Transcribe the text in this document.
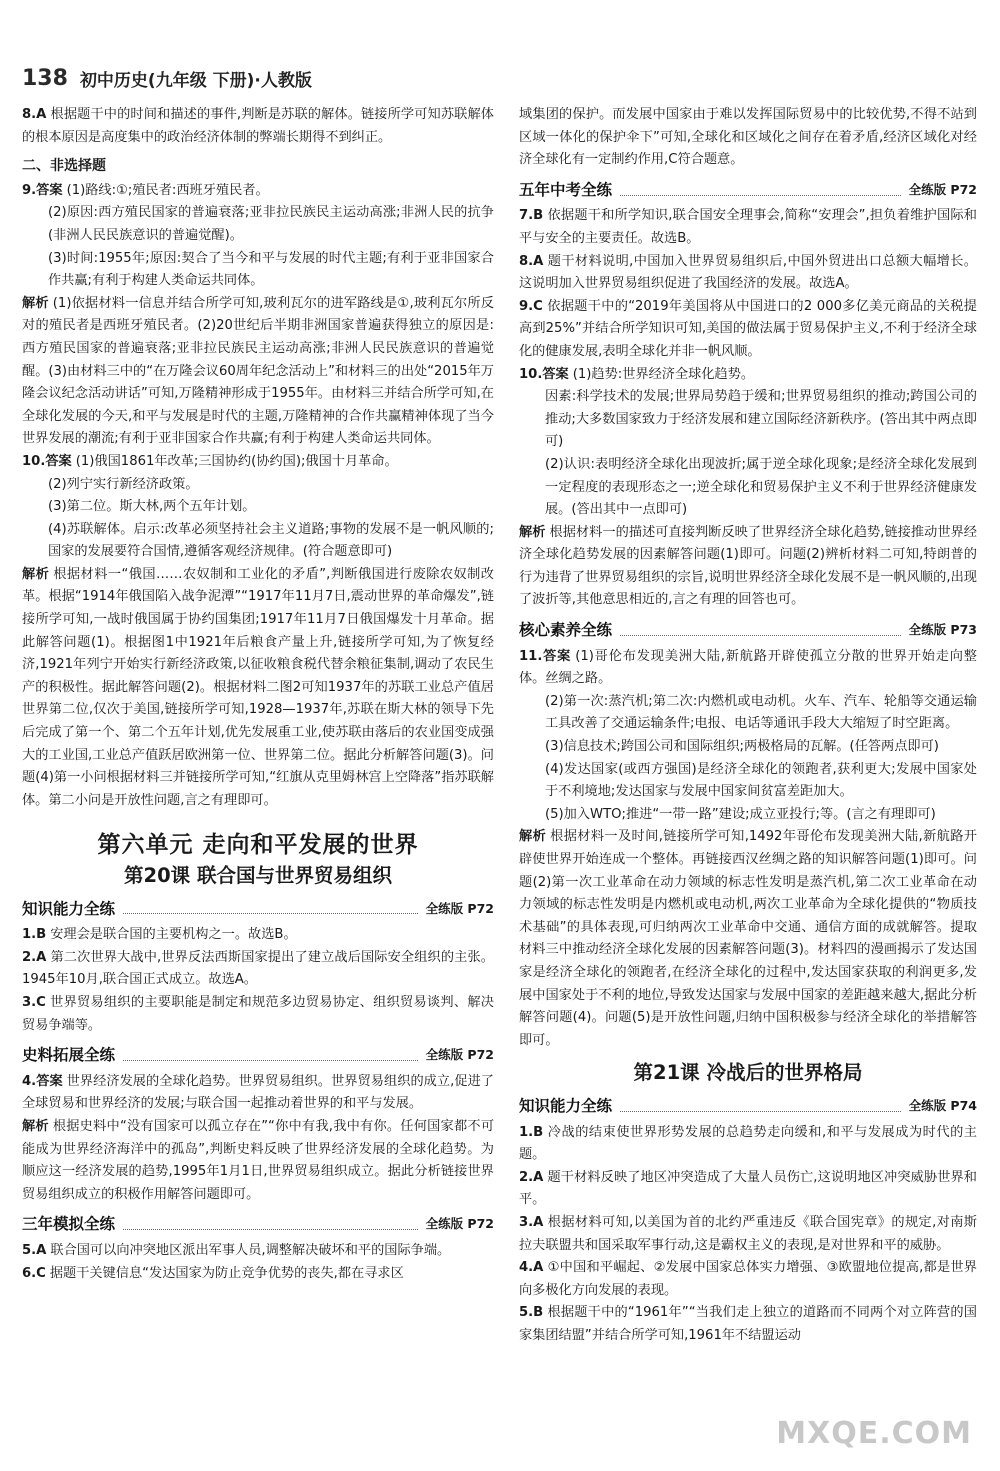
138 初中历史(九年级 下册)·人教版

8.A 根据题干中的时间和描述的事件,判断是苏联的解体。链接所学可知苏联解体的根本原因是高度集中的政治经济体制的弊端长期得不到纠正。

二、非选择题

9.答案 (1)路线:①;殖民者:西班牙殖民者。

(2)原因:西方殖民国家的普遍衰落;亚非拉民族民主运动高涨;非洲人民的抗争(非洲人民民族意识的普遍觉醒)。

(3)时间:1955年;原因:契合了当今和平与发展的时代主题;有利于亚非国家合作共赢;有利于构建人类命运共同体。

解析 (1)依据材料一信息并结合所学可知,玻利瓦尔的进军路线是①,玻利瓦尔所反对的殖民者是西班牙殖民者。(2)20世纪后半期非洲国家普遍获得独立的原因是:西方殖民国家的普遍衰落;亚非拉民族民主运动高涨;非洲人民民族意识的普遍觉醒。(3)由材料三中的“在万隆会议60周年纪念活动上”和材料三的出处“2015年万隆会议纪念活动讲话”可知,万隆精神形成于1955年。由材料三并结合所学可知,在全球化发展的今天,和平与发展是时代的主题,万隆精神的合作共赢精神体现了当今世界发展的潮流;有利于亚非国家合作共赢;有利于构建人类命运共同体。

10.答案 (1)俄国1861年改革;三国协约(协约国);俄国十月革命。

(2)列宁实行新经济政策。

(3)第二位。斯大林,两个五年计划。

(4)苏联解体。启示:改革必须坚持社会主义道路;事物的发展不是一帆风顺的;国家的发展要符合国情,遵循客观经济规律。(符合题意即可)

解析 根据材料一“俄国……农奴制和工业化的矛盾”,判断俄国进行废除农奴制改革。根据“1914年俄国陷入战争泥潭”“1917年11月7日,震动世界的革命爆发”,链接所学可知,一战时俄国属于协约国集团;1917年11月7日俄国爆发十月革命。据此解答问题(1)。根据图1中1921年后粮食产量上升,链接所学可知,为了恢复经济,1921年列宁开始实行新经济政策,以征收粮食税代替余粮征集制,调动了农民生产的积极性。据此解答问题(2)。根据材料二图2可知1937年的苏联工业总产值居世界第二位,仅次于美国,链接所学可知,1928—1937年,苏联在斯大林的领导下先后完成了第一个、第二个五年计划,优先发展重工业,使苏联由落后的农业国变成强大的工业国,工业总产值跃居欧洲第一位、世界第二位。据此分析解答问题(3)。问题(4)第一小问根据材料三并链接所学可知,“红旗从克里姆林宫上空降落”指苏联解体。第二小问是开放性问题,言之有理即可。

第六单元 走向和平发展的世界
第20课 联合国与世界贸易组织
知识能力全练	全练版 P72

1.B 安理会是联合国的主要机构之一。故选B。

2.A 第二次世界大战中,世界反法西斯国家提出了建立战后国际安全组织的主张。1945年10月,联合国正式成立。故选A。

3.C 世界贸易组织的主要职能是制定和规范多边贸易协定、组织贸易谈判、解决贸易争端等。

史料拓展全练	全练版 P72

4.答案 世界经济发展的全球化趋势。世界贸易组织。世界贸易组织的成立,促进了全球贸易和世界经济的发展;与联合国一起推动着世界的和平与发展。

解析 根据史料中“没有国家可以孤立存在”“你中有我,我中有你。任何国家都不可能成为世界经济海洋中的孤岛”,判断史料反映了世界经济发展的全球化趋势。为顺应这一经济发展的趋势,1995年1月1日,世界贸易组织成立。据此分析链接世界贸易组织成立的积极作用解答问题即可。

三年模拟全练	全练版 P72

5.A 联合国可以向冲突地区派出军事人员,调整解决破坏和平的国际争端。

6.C 据题干关键信息“发达国家为防止竞争优势的丧失,都在寻求区

域集团的保护。而发展中国家由于难以发挥国际贸易中的比较优势,不得不站到区域一体化的保护伞下”可知,全球化和区域化之间存在着矛盾,经济区域化对经济全球化有一定制约作用,C符合题意。

五年中考全练	全练版 P72

7.B 依据题干和所学知识,联合国安全理事会,简称“安理会”,担负着维护国际和平与安全的主要责任。故选B。

8.A 题干材料说明,中国加入世界贸易组织后,中国外贸进出口总额大幅增长。这说明加入世界贸易组织促进了我国经济的发展。故选A。

9.C 依据题干中的“2019年美国将从中国进口的2 000多亿美元商品的关税提高到25%”并结合所学知识可知,美国的做法属于贸易保护主义,不利于经济全球化的健康发展,表明全球化并非一帆风顺。

10.答案 (1)趋势:世界经济全球化趋势。

因素:科学技术的发展;世界局势趋于缓和;世界贸易组织的推动;跨国公司的推动;大多数国家致力于经济发展和建立国际经济新秩序。(答出其中两点即可)

(2)认识:表明经济全球化出现波折;属于逆全球化现象;是经济全球化发展到一定程度的表现形态之一;逆全球化和贸易保护主义不利于世界经济健康发展。(答出其中一点即可)

解析 根据材料一的描述可直接判断反映了世界经济全球化趋势,链接推动世界经济全球化趋势发展的因素解答问题(1)即可。问题(2)辨析材料二可知,特朗普的行为违背了世界贸易组织的宗旨,说明世界经济全球化发展不是一帆风顺的,出现了波折等,其他意思相近的,言之有理的回答也可。

核心素养全练	全练版 P73

11.答案 (1)哥伦布发现美洲大陆,新航路开辟使孤立分散的世界开始走向整体。丝绸之路。

(2)第一次:蒸汽机;第二次:内燃机或电动机。火车、汽车、轮船等交通运输工具改善了交通运输条件;电报、电话等通讯手段大大缩短了时空距离。

(3)信息技术;跨国公司和国际组织;两极格局的瓦解。(任答两点即可)

(4)发达国家(或西方强国)是经济全球化的领跑者,获利更大;发展中国家处于不利境地;发达国家与发展中国家间贫富差距加大。

(5)加入WTO;推进“一带一路”建设;成立亚投行;等。(言之有理即可)

解析 根据材料一及时间,链接所学可知,1492年哥伦布发现美洲大陆,新航路开辟使世界开始连成一个整体。再链接西汉丝绸之路的知识解答问题(1)即可。问题(2)第一次工业革命在动力领域的标志性发明是蒸汽机,第二次工业革命在动力领域的标志性发明是内燃机或电动机,两次工业革命为全球化提供的“物质技术基础”的具体表现,可归纳两次工业革命中交通、通信方面的成就解答。提取材料三中推动经济全球化发展的因素解答问题(3)。材料四的漫画揭示了发达国家是经济全球化的领跑者,在经济全球化的过程中,发达国家获取的利润更多,发展中国家处于不利的地位,导致发达国家与发展中国家的差距越来越大,据此分析解答问题(4)。问题(5)是开放性问题,归纳中国积极参与经济全球化的举措解答即可。

第21课 冷战后的世界格局
知识能力全练	全练版 P74

1.B 冷战的结束使世界形势发展的总趋势走向缓和,和平与发展成为时代的主题。

2.A 题干材料反映了地区冲突造成了大量人员伤亡,这说明地区冲突威胁世界和平。

3.A 根据材料可知,以美国为首的北约严重违反《联合国宪章》的规定,对南斯拉夫联盟共和国采取军事行动,这是霸权主义的表现,是对世界和平的威胁。

4.A ①中国和平崛起、②发展中国家总体实力增强、③欧盟地位提高,都是世界向多极化方向发展的表现。

5.B 根据题干中的“1961年”“当我们走上独立的道路而不同两个对立阵营的国家集团结盟”并结合所学可知,1961年不结盟运动

MXQE.COM
